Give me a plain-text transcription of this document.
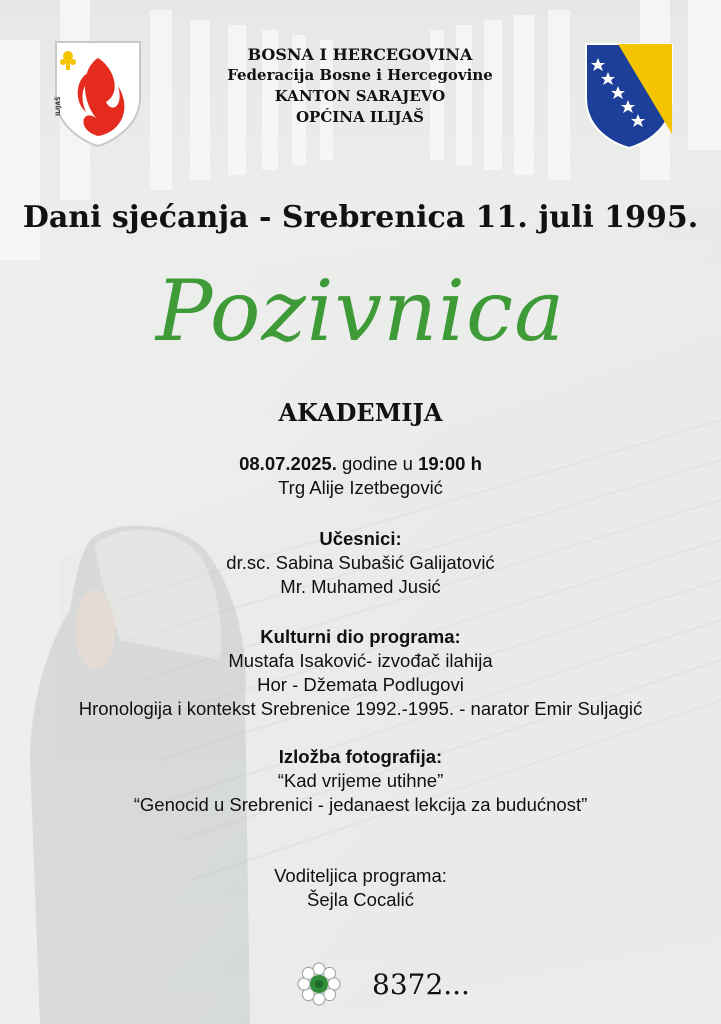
ILIJAŠ
BOSNA I HERCEGOVINA
Federacija Bosne i Hercegovine
KANTON SARAJEVO
OPĆINA ILIJAŠ
Dani sjećanja - Srebrenica 11. juli 1995.
Pozivnica
AKADEMIJA
08.07.2025. godine u 19:00 h
Trg Alije Izetbegović
Učesnici:
dr.sc. Sabina Subašić Galijatović
Mr. Muhamed Jusić
Kulturni dio programa:
Mustafa Isaković- izvođač ilahija
Hor - Džemata Podlugovi
Hronologija i kontekst Srebrenice 1992.-1995. - narator Emir Suljagić
Izložba fotografija:
“Kad vrijeme utihne”
“Genocid u Srebrenici - jedanaest lekcija za budućnost”
Voditeljica programa:
Šejla Cocalić
8372...
